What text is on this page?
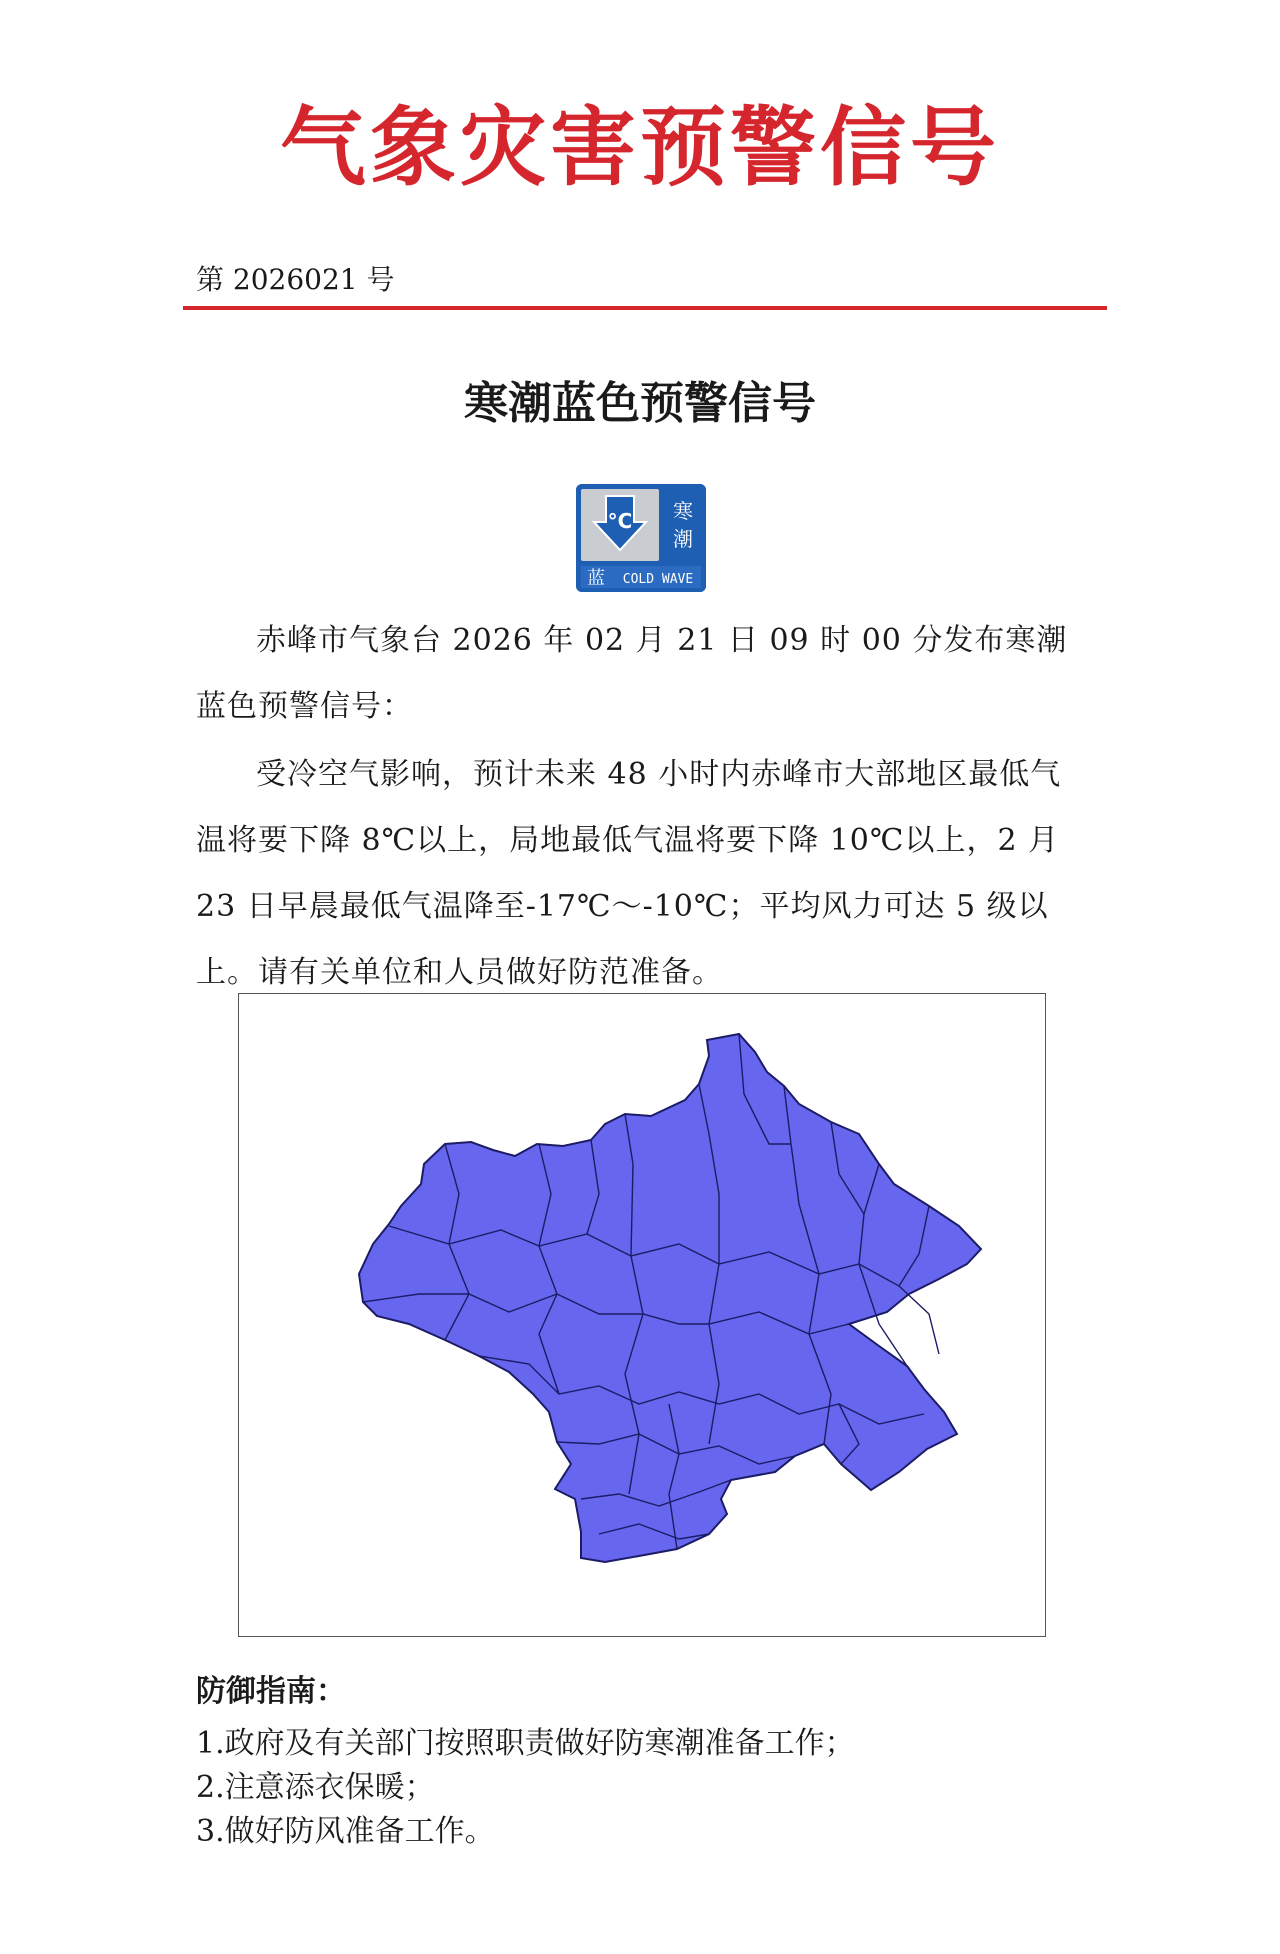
气象灾害预警信号
第 2026021 号
寒潮蓝色预警信号
°C 寒
潮
蓝 COLD WAVE

赤峰市气象台 2026 年 02 月 21 日 09 时 00 分发布寒潮蓝色预警信号：

受冷空气影响，预计未来 48 小时内赤峰市大部地区最低气温将要下降 8℃以上，局地最低气温将要下降 10℃以上，2 月 23 日早晨最低气温降至-17℃～-10℃；平均风力可达 5 级以上。请有关单位和人员做好防范准备。

防御指南：
1.政府及有关部门按照职责做好防寒潮准备工作；
2.注意添衣保暖；
3.做好防风准备工作。
